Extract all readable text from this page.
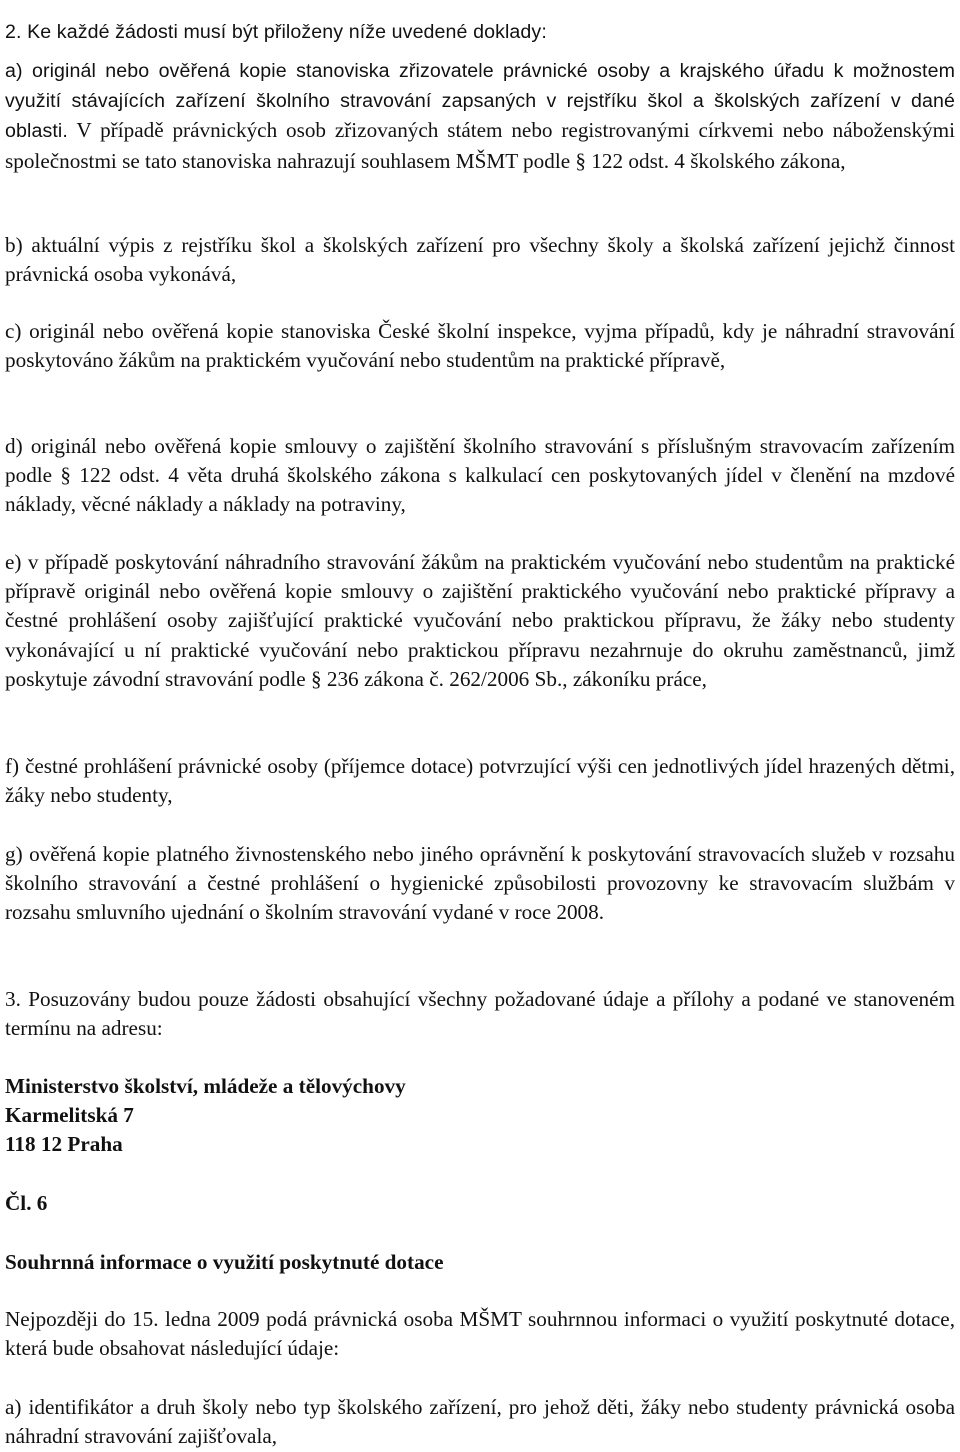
2. Ke každé žádosti musí být přiloženy níže uvedené doklady:

a) originál nebo ověřená kopie stanoviska zřizovatele právnické osoby a krajského úřadu k možnostem využití stávajících zařízení školního stravování zapsaných v rejstříku škol a školských zařízení v dané oblasti. V případě právnických osob zřizovaných státem nebo registrovanými církvemi nebo náboženskými společnostmi se tato stanoviska nahrazují souhlasem MŠMT podle § 122 odst. 4 školského zákona,

b) aktuální výpis z rejstříku škol a školských zařízení pro všechny školy a školská zařízení jejichž činnost právnická osoba vykonává,

c) originál nebo ověřená kopie stanoviska České školní inspekce, vyjma případů, kdy je náhradní stravování poskytováno žákům na praktickém vyučování nebo studentům na praktické přípravě,

d) originál nebo ověřená kopie smlouvy o zajištění školního stravování s příslušným stravovacím zařízením podle § 122 odst. 4 věta druhá školského zákona s kalkulací cen poskytovaných jídel v členění na mzdové náklady, věcné náklady a náklady na potraviny,

e) v případě poskytování náhradního stravování žákům na praktickém vyučování nebo studentům na praktické přípravě originál nebo ověřená kopie smlouvy o zajištění praktického vyučování nebo praktické přípravy a čestné prohlášení osoby zajišťující praktické vyučování nebo praktickou přípravu, že žáky nebo studenty vykonávající u ní praktické vyučování nebo praktickou přípravu nezahrnuje do okruhu zaměstnanců, jimž poskytuje závodní stravování podle § 236 zákona č. 262/2006 Sb., zákoníku práce,

f) čestné prohlášení právnické osoby (příjemce dotace) potvrzující výši cen jednotlivých jídel hrazených dětmi, žáky nebo studenty,

g) ověřená kopie platného živnostenského nebo jiného oprávnění k poskytování stravovacích služeb v rozsahu školního stravování a čestné prohlášení o hygienické způsobilosti provozovny ke stravovacím službám v rozsahu smluvního ujednání o školním stravování vydané v roce 2008.

3. Posuzovány budou pouze žádosti obsahující všechny požadované údaje a přílohy a podané ve stanoveném termínu na adresu:

Ministerstvo školství, mládeže a tělovýchovy
Karmelitská 7
118 12 Praha

Čl. 6

Souhrnná informace o využití poskytnuté dotace

Nejpozději do 15. ledna 2009 podá právnická osoba MŠMT souhrnnou informaci o využití poskytnuté dotace, která bude obsahovat následující údaje:

a) identifikátor a druh školy nebo typ školského zařízení, pro jehož děti, žáky nebo studenty právnická osoba náhradní stravování zajišťovala,
